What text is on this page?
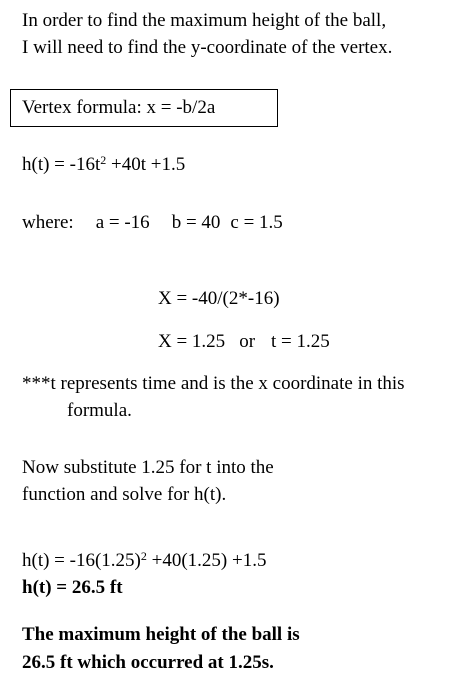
In order to find the maximum height of the ball,
I will need to find the y-coordinate of the vertex.
Vertex formula: x = -b/2a
$h(t) = -16t^2 +40t +1.5$
where: a = -16 b = 40 c = 1.5
X = -40/(2*-16)
X = 1.25 or t = 1.25
***t represents time and is the x coordinate in this
formula.
Now substitute 1.25 for t into the
function and solve for h(t).
$h(t) = -16(1.25)^2 +40(1.25) +1.5$
h(t) = 26.5 ft
The maximum height of the ball is
26.5 ft which occurred at 1.25s.
